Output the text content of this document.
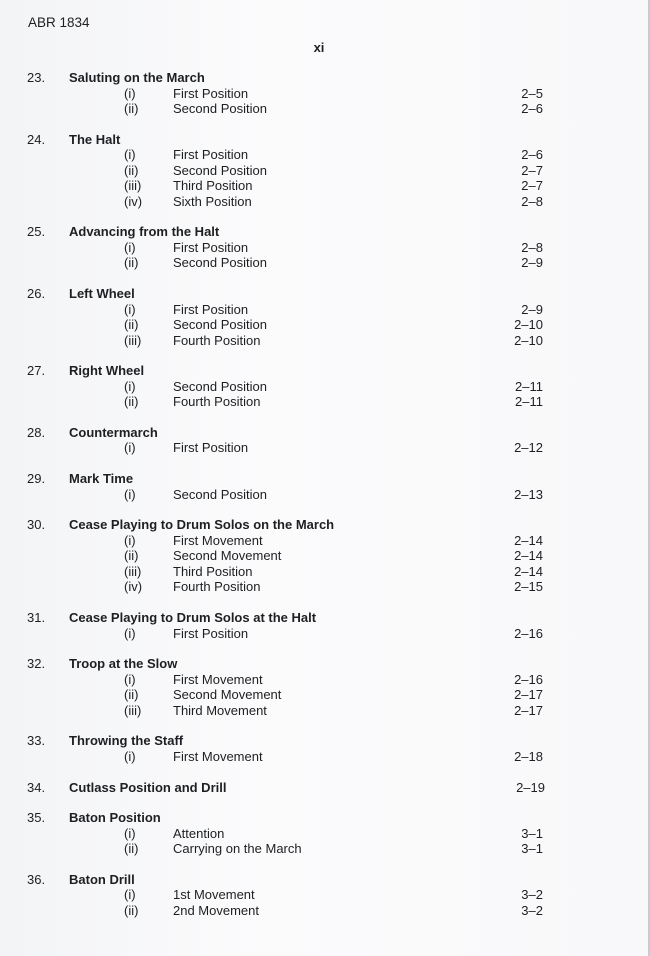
ABR 1834
xi
23. Saluting on the March
(i)	First Position	2–5
(ii)	Second Position	2–6
24. The Halt
(i)	First Position	2–6
(ii)	Second Position	2–7
(iii) Third Position	2–7
(iv) Sixth Position	2–8
25. Advancing from the Halt
(i)	First Position	2–8
(ii)	Second Position	2–9
26. Left Wheel
(i)	First Position	2–9
(ii)	Second Position	2–10
(iii) Fourth Position	2–10
27. Right Wheel
(i)	Second Position	2–11
(ii)	Fourth Position	2–11
28. Countermarch
(i)	First Position	2–12
29. Mark Time
(i)	Second Position	2–13
30. Cease Playing to Drum Solos on the March
(i)	First Movement	2–14
(ii)	Second Movement	2–14
(iii) Third Position	2–14
(iv) Fourth Position	2–15
31. Cease Playing to Drum Solos at the Halt
(i)	First Position	2–16
32. Troop at the Slow
(i)	First Movement	2–16
(ii)	Second Movement	2–17
(iii) Third Movement	2–17
33. Throwing the Staff
(i)	First Movement	2–18
34. Cutlass Position and Drill	2–19
35. Baton Position
(i)	Attention	3–1
(ii)	Carrying on the March	3–1
36. Baton Drill
(i)	1st Movement	3–2
(ii)	2nd Movement	3–2
